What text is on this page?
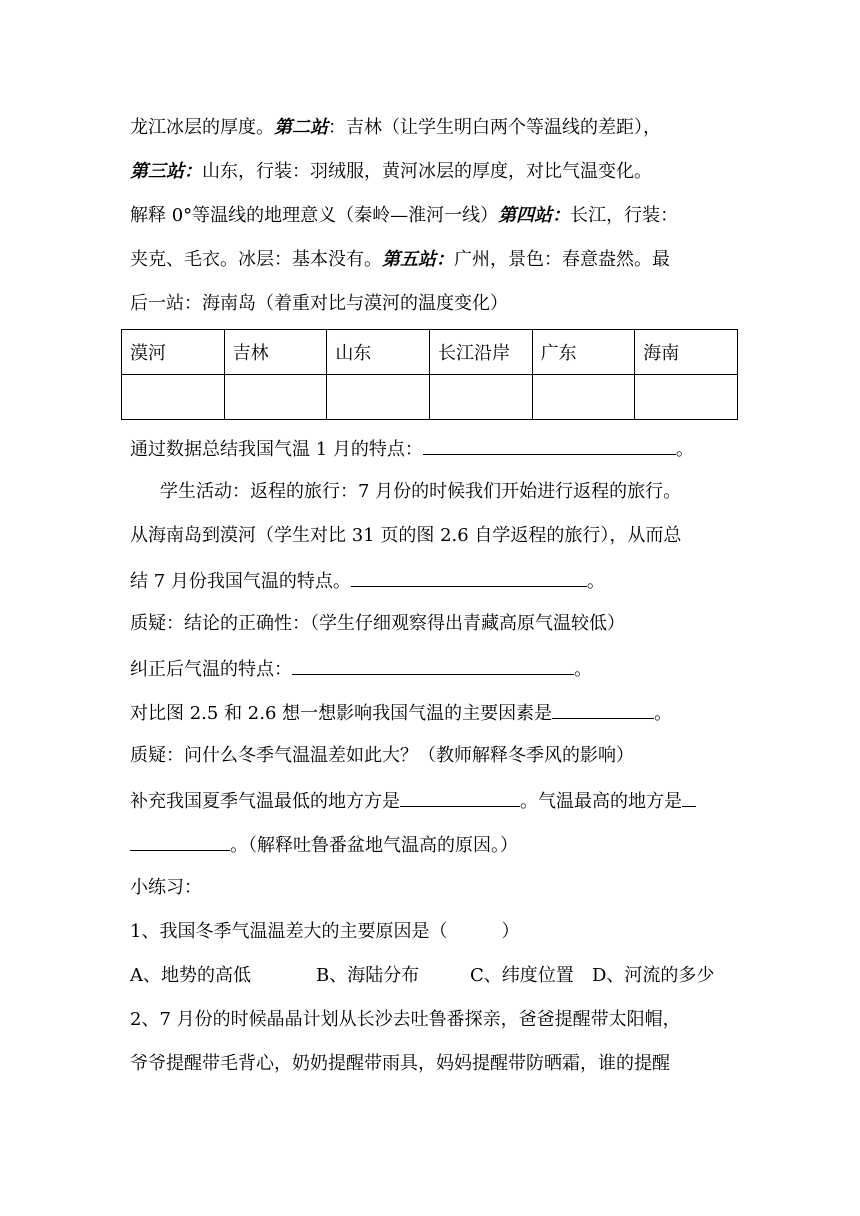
龙江冰层的厚度。第二站：吉林（让学生明白两个等温线的差距），
第三站：山东，行装：羽绒服，黄河冰层的厚度，对比气温变化。
解释 0°等温线的地理意义（秦岭—淮河一线）第四站：长江，行装：
夹克、毛衣。冰层：基本没有。第五站：广州，景色：春意盎然。最
后一站：海南岛（着重对比与漠河的温度变化）
漠河	吉林	山东	长江沿岸	广东	海南

通过数据总结我国气温 1 月的特点：	。
学生活动：返程的旅行：7 月份的时候我们开始进行返程的旅行。
从海南岛到漠河（学生对比 31 页的图 2.6 自学返程的旅行），从而总
结 7 月份我国气温的特点。	。
质疑：结论的正确性：（学生仔细观察得出青藏高原气温较低）
纠正后气温的特点：	。
对比图 2.5 和 2.6 想一想影响我国气温的主要因素是	。
质疑：问什么冬季气温温差如此大？（教师解释冬季风的影响）
补充我国夏季气温最低的地方方是	。气温最高的地方是
。（解释吐鲁番盆地气温高的原因。）
小练习：
1、我国冬季气温温差大的主要原因是（　　　）
A、地势的高低	B、海陆分布	C、纬度位置 D、河流的多少
2、7 月份的时候晶晶计划从长沙去吐鲁番探亲，爸爸提醒带太阳帽，
爷爷提醒带毛背心，奶奶提醒带雨具，妈妈提醒带防晒霜，谁的提醒
